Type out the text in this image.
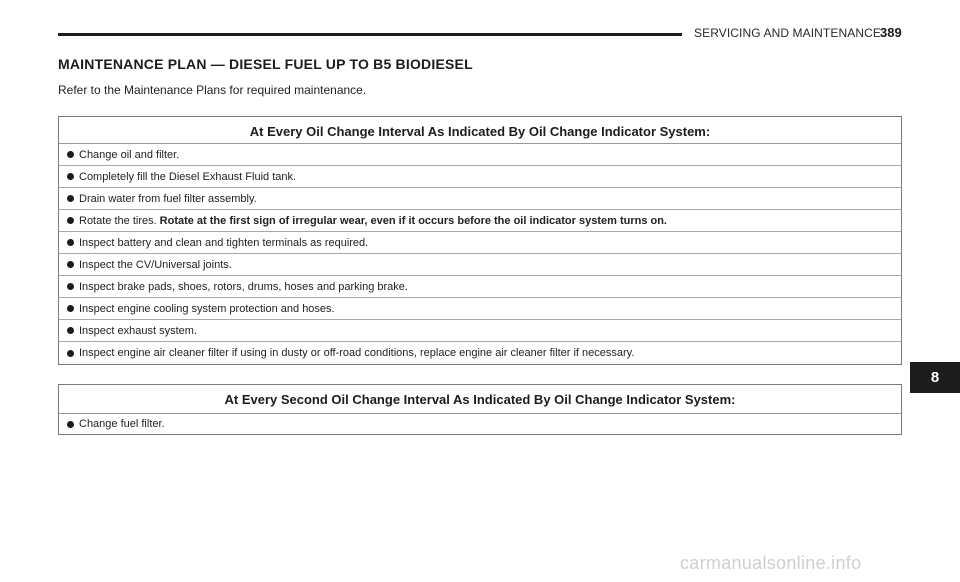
SERVICING AND MAINTENANCE 389
MAINTENANCE PLAN — DIESEL FUEL UP TO B5 BIODIESEL
Refer to the Maintenance Plans for required maintenance.
At Every Oil Change Interval As Indicated By Oil Change Indicator System:
Change oil and filter.
Completely fill the Diesel Exhaust Fluid tank.
Drain water from fuel filter assembly.
Rotate the tires. Rotate at the first sign of irregular wear, even if it occurs before the oil indicator system turns on.
Inspect battery and clean and tighten terminals as required.
Inspect the CV/Universal joints.
Inspect brake pads, shoes, rotors, drums, hoses and parking brake.
Inspect engine cooling system protection and hoses.
Inspect exhaust system.
Inspect engine air cleaner filter if using in dusty or off-road conditions, replace engine air cleaner filter if necessary.
At Every Second Oil Change Interval As Indicated By Oil Change Indicator System:
Change fuel filter.
8
carmanualsonline.info
